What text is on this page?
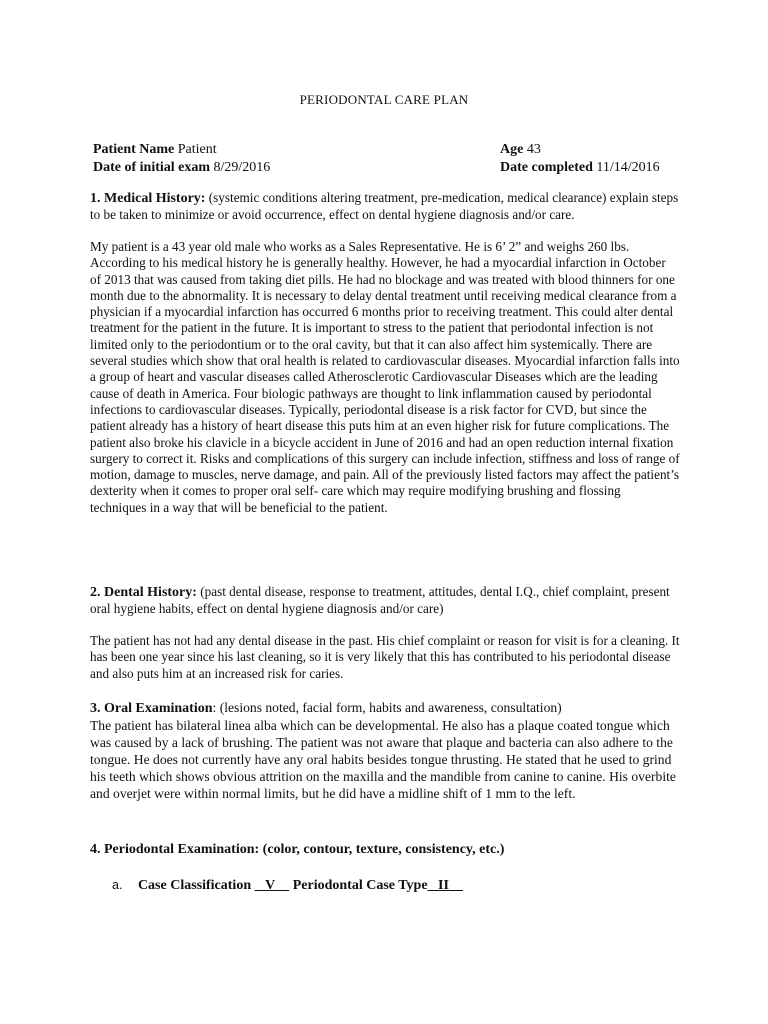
PERIODONTAL CARE PLAN
Patient Name Patient	Age 43
Date of initial exam 8/29/2016	Date completed 11/14/2016
1. Medical History: (systemic conditions altering treatment, pre-medication, medical clearance) explain steps to be taken to minimize or avoid occurrence, effect on dental hygiene diagnosis and/or care.

My patient is a 43 year old male who works as a Sales Representative. He is 6’ 2” and weighs 260 lbs. According to his medical history he is generally healthy. However, he had a myocardial infarction in October of 2013 that was caused from taking diet pills. He had no blockage and was treated with blood thinners for one month due to the abnormality. It is necessary to delay dental treatment until receiving medical clearance from a physician if a myocardial infarction has occurred 6 months prior to receiving treatment. This could alter dental treatment for the patient in the future. It is important to stress to the patient that periodontal infection is not limited only to the periodontium or to the oral cavity, but that it can also affect him systemically. There are several studies which show that oral health is related to cardiovascular diseases. Myocardial infarction falls into a group of heart and vascular diseases called Atherosclerotic Cardiovascular Diseases which are the leading cause of death in America. Four biologic pathways are thought to link inflammation caused by periodontal infections to cardiovascular diseases. Typically, periodontal disease is a risk factor for CVD, but since the patient already has a history of heart disease this puts him at an even higher risk for future complications. The patient also broke his clavicle in a bicycle accident in June of 2016 and had an open reduction internal fixation surgery to correct it. Risks and complications of this surgery can include infection, stiffness and loss of range of motion, damage to muscles, nerve damage, and pain. All of the previously listed factors may affect the patient’s dexterity when it comes to proper oral self- care which may require modifying brushing and flossing techniques in a way that will be beneficial to the patient.

2. Dental History: (past dental disease, response to treatment, attitudes, dental I.Q., chief complaint, present oral hygiene habits, effect on dental hygiene diagnosis and/or care)

The patient has not had any dental disease in the past. His chief complaint or reason for visit is for a cleaning. It has been one year since his last cleaning, so it is very likely that this has contributed to his periodontal disease and also puts him at an increased risk for caries.

3. Oral Examination: (lesions noted, facial form, habits and awareness, consultation)

The patient has bilateral linea alba which can be developmental. He also has a plaque coated tongue which was caused by a lack of brushing. The patient was not aware that plaque and bacteria can also adhere to the tongue. He does not currently have any oral habits besides tongue thrusting. He stated that he used to grind his teeth which shows obvious attrition on the maxilla and the mandible from canine to canine. His overbite and overjet were within normal limits, but he did have a midline shift of 1 mm to the left.

4. Periodontal Examination: (color, contour, texture, consistency, etc.)
a. Case Classification V Periodontal Case Type II
